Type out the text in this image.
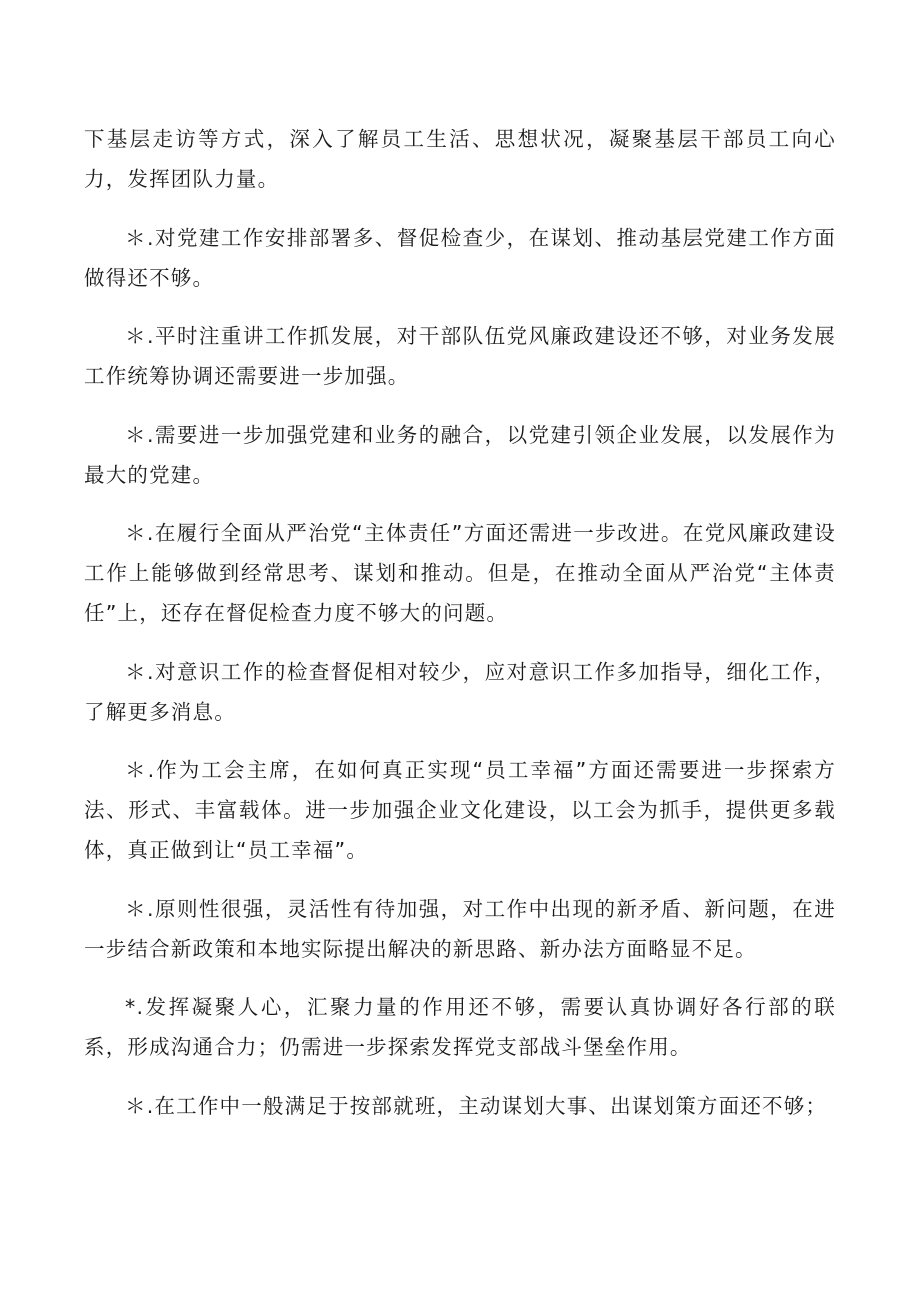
下基层走访等方式，深入了解员工生活、思想状况，凝聚基层干部员工向心力，发挥团队力量。

＊.对党建工作安排部署多、督促检查少，在谋划、推动基层党建工作方面做得还不够。

＊.平时注重讲工作抓发展，对干部队伍党风廉政建设还不够，对业务发展工作统筹协调还需要进一步加强。

＊.需要进一步加强党建和业务的融合，以党建引领企业发展，以发展作为最大的党建。

＊.在履行全面从严治党“主体责任”方面还需进一步改进。在党风廉政建设工作上能够做到经常思考、谋划和推动。但是，在推动全面从严治党“主体责任”上，还存在督促检查力度不够大的问题。

＊.对意识工作的检查督促相对较少，应对意识工作多加指导，细化工作，了解更多消息。

＊.作为工会主席，在如何真正实现“员工幸福”方面还需要进一步探索方法、形式、丰富载体。进一步加强企业文化建设，以工会为抓手，提供更多载体，真正做到让“员工幸福”。

＊.原则性很强，灵活性有待加强，对工作中出现的新矛盾、新问题，在进一步结合新政策和本地实际提出解决的新思路、新办法方面略显不足。

*.发挥凝聚人心，汇聚力量的作用还不够，需要认真协调好各行部的联系，形成沟通合力；仍需进一步探索发挥党支部战斗堡垒作用。

＊.在工作中一般满足于按部就班，主动谋划大事、出谋划策方面还不够；
